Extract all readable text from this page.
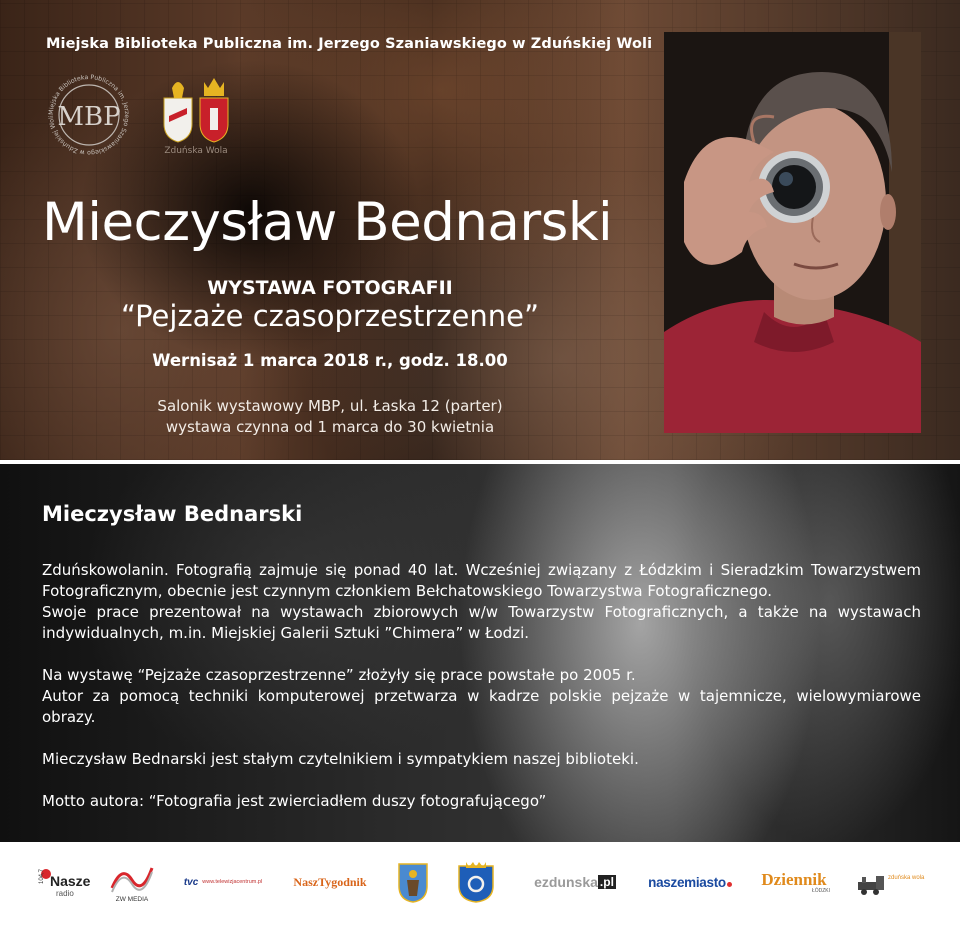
Miejska Biblioteka Publiczna im. Jerzego Szaniawskiego w Zduńskiej Woli
Miejska Biblioteka Publiczna im. Jerzego Szaniawskiego w Zduńskiej Woli MBP
Zduńska Wola
Mieczysław Bednarski
WYSTAWA FOTOGRAFII
“Pejzaże czasoprzestrzenne”
Wernisaż 1 marca 2018 r., godz. 18.00
Salonik wystawowy MBP, ul. Łaska 12 (parter)
wystawa czynna od 1 marca do 30 kwietnia
Mieczysław Bednarski

Zduńskowolanin. Fotografią zajmuje się ponad 40 lat. Wcześniej związany z Łódzkim i Sieradzkim Towarzystwem Fotograficznym, obecnie jest czynnym członkiem Bełchatowskiego Towarzystwa Fotograficznego.

Swoje prace prezentował na wystawach zbiorowych w/w Towarzystw Fotograficznych, a także na wystawach indywidualnych, m.in. Miejskiej Galerii Sztuki ”Chimera” w Łodzi.

Na wystawę “Pejzaże czasoprzestrzenne” złożyły się prace powstałe po 2005 r.

Autor za pomocą techniki komputerowej przetwarza w kadrze polskie pejzaże w tajemnicze, wielowymiarowe obrazy.

Mieczysław Bednarski jest stałym czytelnikiem i sympatykiem naszej biblioteki.

Motto autora: “Fotografia jest zwierciadłem duszy fotografującego”

104,7 Nasze
radio
ZW MEDIA
tvc www.telewizjacentrum.pl	NaszTygodnik	ezdunska .pl	naszemiasto Dziennik
ŁÓDZKI
zduńska wola
